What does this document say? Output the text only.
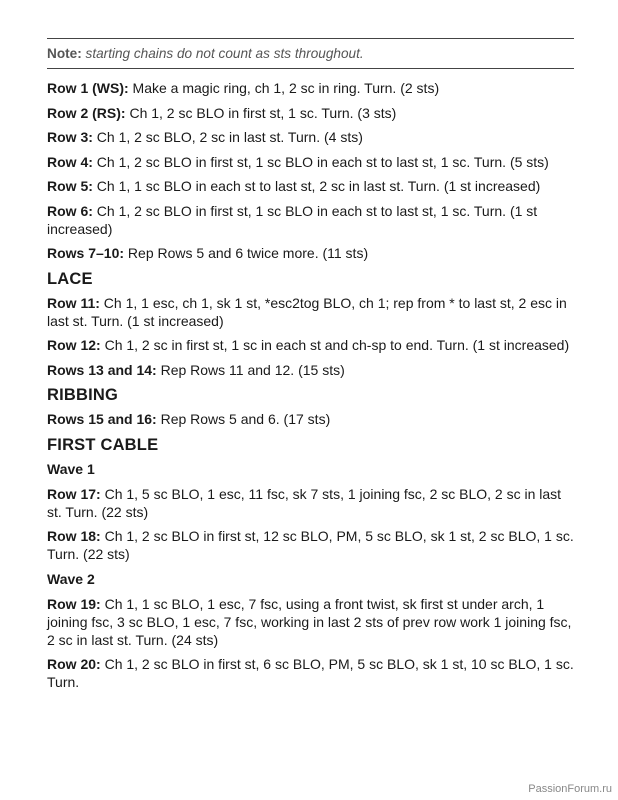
Note: starting chains do not count as sts throughout.

Row 1 (WS): Make a magic ring, ch 1, 2 sc in ring. Turn. (2 sts)

Row 2 (RS): Ch 1, 2 sc BLO in first st, 1 sc. Turn. (3 sts)

Row 3: Ch 1, 2 sc BLO, 2 sc in last st. Turn. (4 sts)

Row 4: Ch 1, 2 sc BLO in first st, 1 sc BLO in each st to last st, 1 sc. Turn. (5 sts)

Row 5: Ch 1, 1 sc BLO in each st to last st, 2 sc in last st. Turn. (1 st increased)

Row 6: Ch 1, 2 sc BLO in first st, 1 sc BLO in each st to last st, 1 sc. Turn. (1 st increased)

Rows 7–10: Rep Rows 5 and 6 twice more. (11 sts)

LACE

Row 11: Ch 1, 1 esc, ch 1, sk 1 st, *esc2tog BLO, ch 1; rep from * to last st, 2 esc in last st. Turn. (1 st increased)

Row 12: Ch 1, 2 sc in first st, 1 sc in each st and ch-sp to end. Turn. (1 st increased)

Rows 13 and 14: Rep Rows 11 and 12. (15 sts)

RIBBING

Rows 15 and 16: Rep Rows 5 and 6. (17 sts)

FIRST CABLE
Wave 1

Row 17: Ch 1, 5 sc BLO, 1 esc, 11 fsc, sk 7 sts, 1 joining fsc, 2 sc BLO, 2 sc in last st. Turn. (22 sts)

Row 18: Ch 1, 2 sc BLO in first st, 12 sc BLO, PM, 5 sc BLO, sk 1 st, 2 sc BLO, 1 sc. Turn. (22 sts)

Wave 2

Row 19: Ch 1, 1 sc BLO, 1 esc, 7 fsc, using a front twist, sk first st under arch, 1 joining fsc, 3 sc BLO, 1 esc, 7 fsc, working in last 2 sts of prev row work 1 joining fsc, 2 sc in last st. Turn. (24 sts)

Row 20: Ch 1, 2 sc BLO in first st, 6 sc BLO, PM, 5 sc BLO, sk 1 st, 10 sc BLO, 1 sc. Turn.

PassionForum.ru
